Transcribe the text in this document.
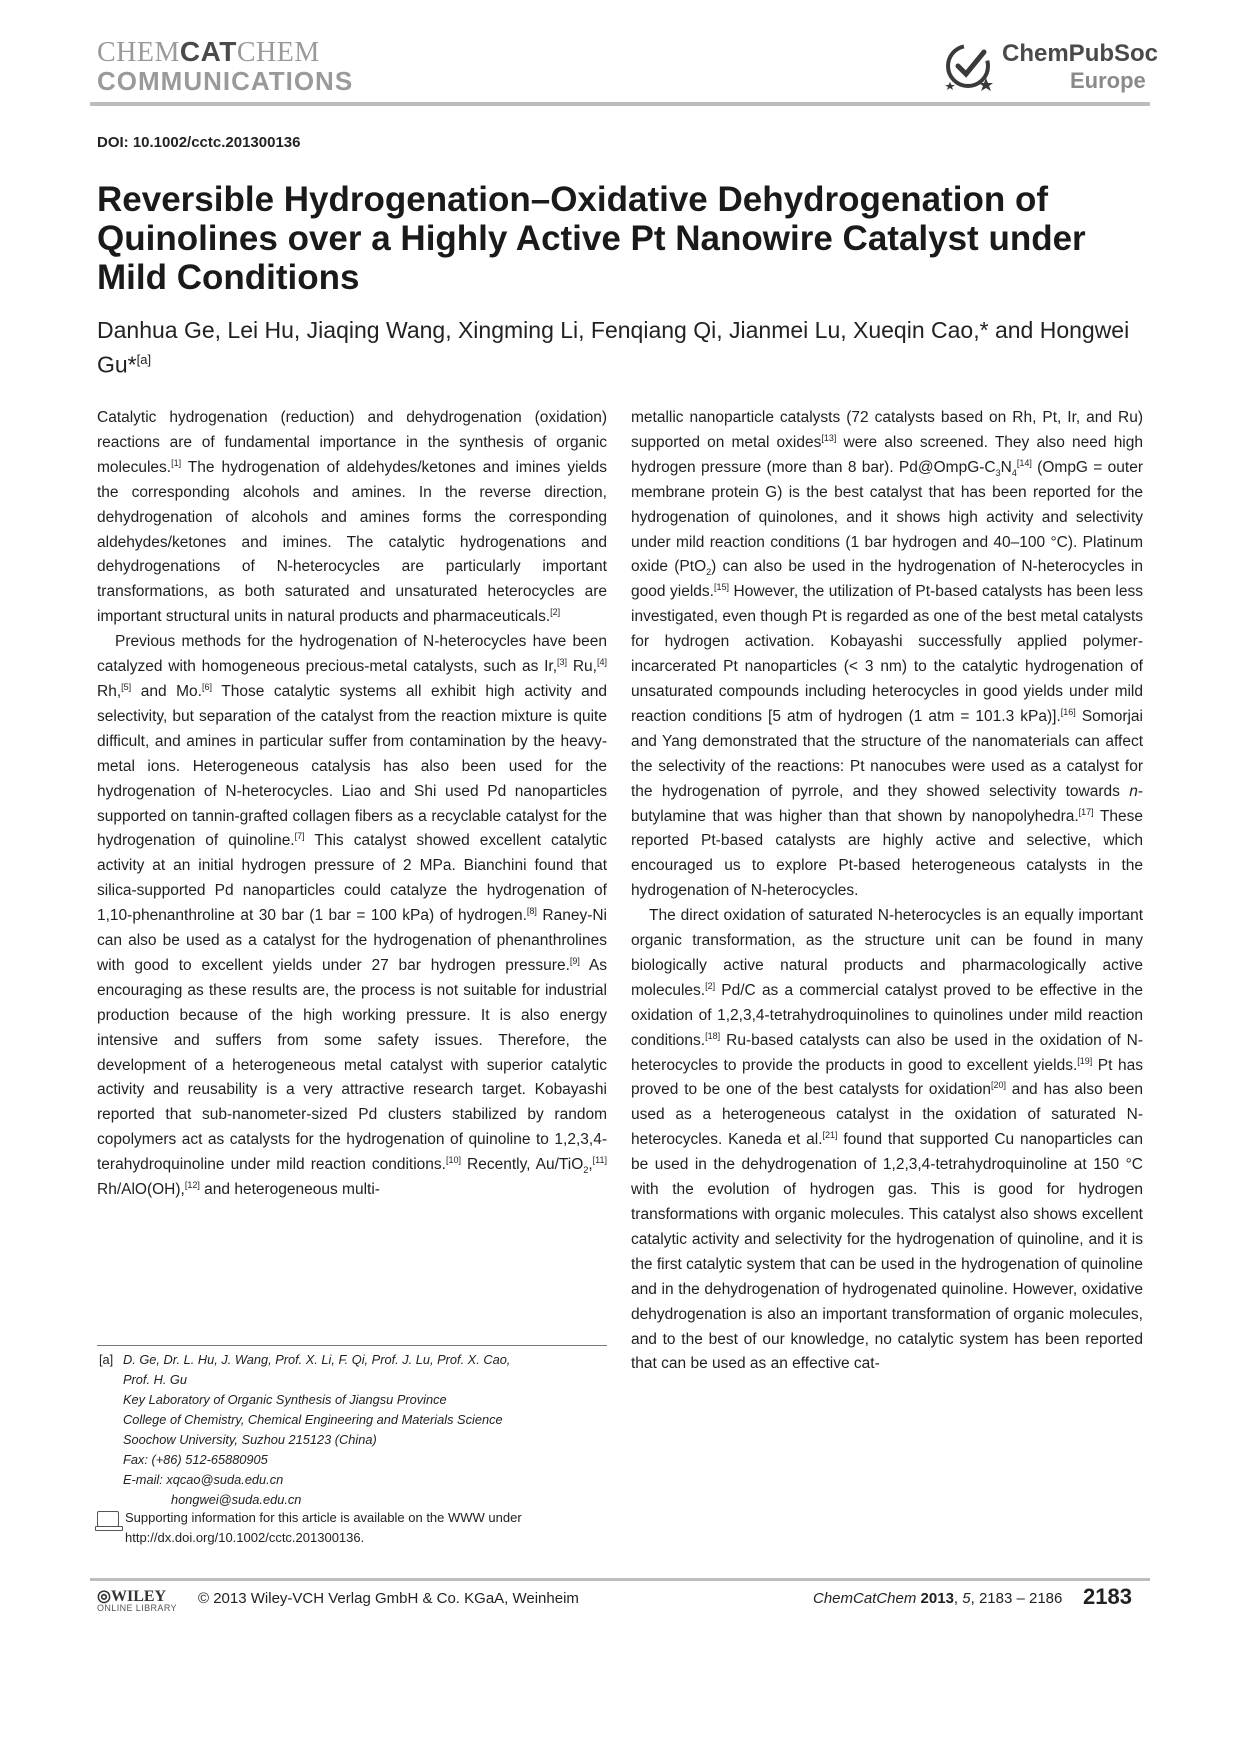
CHEMCATCHEM
COMMUNICATIONS
ChemPubSoc
Europe
DOI: 10.1002/cctc.201300136
Reversible Hydrogenation–Oxidative Dehydrogenation of Quinolines over a Highly Active Pt Nanowire Catalyst under Mild Conditions
Danhua Ge, Lei Hu, Jiaqing Wang, Xingming Li, Fenqiang Qi, Jianmei Lu, Xueqin Cao,* and Hongwei Gu*[a]

Catalytic hydrogenation (reduction) and dehydrogenation (oxidation) reactions are of fundamental importance in the synthesis of organic molecules.[1] The hydrogenation of aldehydes/ketones and imines yields the corresponding alcohols and amines. In the reverse direction, dehydrogenation of alcohols and amines forms the corresponding aldehydes/ketones and imines. The catalytic hydrogenations and dehydrogenations of N-heterocycles are particularly important transformations, as both saturated and unsaturated heterocycles are important structural units in natural products and pharmaceuticals.[2]

Previous methods for the hydrogenation of N-heterocycles have been catalyzed with homogeneous precious-metal catalysts, such as Ir,[3] Ru,[4] Rh,[5] and Mo.[6] Those catalytic systems all exhibit high activity and selectivity, but separation of the catalyst from the reaction mixture is quite difficult, and amines in particular suffer from contamination by the heavy-metal ions. Heterogeneous catalysis has also been used for the hydrogenation of N-heterocycles. Liao and Shi used Pd nanoparticles supported on tannin-grafted collagen fibers as a recyclable catalyst for the hydrogenation of quinoline.[7] This catalyst showed excellent catalytic activity at an initial hydrogen pressure of 2 MPa. Bianchini found that silica-supported Pd nanoparticles could catalyze the hydrogenation of 1,10-phenanthroline at 30 bar (1 bar = 100 kPa) of hydrogen.[8] Raney-Ni can also be used as a catalyst for the hydrogenation of phenanthrolines with good to excellent yields under 27 bar hydrogen pressure.[9] As encouraging as these results are, the process is not suitable for industrial production because of the high working pressure. It is also energy intensive and suffers from some safety issues. Therefore, the development of a heterogeneous metal catalyst with superior catalytic activity and reusability is a very attractive research target. Kobayashi reported that sub-nanometer-sized Pd clusters stabilized by random copolymers act as catalysts for the hydrogenation of quinoline to 1,2,3,4-terahydroquinoline under mild reaction conditions.[10] Recently, Au/TiO$_2$,[11] Rh/AlO(OH),[12] and heterogeneous multi-

metallic nanoparticle catalysts (72 catalysts based on Rh, Pt, Ir, and Ru) supported on metal oxides[13] were also screened. They also need high hydrogen pressure (more than 8 bar). $Pd@OmpG-C_3N_4[14]$ (OmpG = outer membrane protein G) is the best catalyst that has been reported for the hydrogenation of quinolones, and it shows high activity and selectivity under mild reaction conditions (1 bar hydrogen and 40–100 °C). Platinum oxide (PtO$_2$) can also be used in the hydrogenation of N-heterocycles in good yields.[15] However, the utilization of Pt-based catalysts has been less investigated, even though Pt is regarded as one of the best metal catalysts for hydrogen activation. Kobayashi successfully applied polymer-incarcerated Pt nanoparticles (< 3 nm) to the catalytic hydrogenation of unsaturated compounds including heterocycles in good yields under mild reaction conditions [5 atm of hydrogen (1 atm = 101.3 kPa)].[16] Somorjai and Yang demonstrated that the structure of the nanomaterials can affect the selectivity of the reactions: Pt nanocubes were used as a catalyst for the hydrogenation of pyrrole, and they showed selectivity towards n-butylamine that was higher than that shown by nanopolyhedra.[17] These reported Pt-based catalysts are highly active and selective, which encouraged us to explore Pt-based heterogeneous catalysts in the hydrogenation of N-heterocycles.

The direct oxidation of saturated N-heterocycles is an equally important organic transformation, as the structure unit can be found in many biologically active natural products and pharmacologically active molecules.[2] Pd/C as a commercial catalyst proved to be effective in the oxidation of 1,2,3,4-tetrahydroquinolines to quinolines under mild reaction conditions.[18] Ru-based catalysts can also be used in the oxidation of N-heterocycles to provide the products in good to excellent yields.[19] Pt has proved to be one of the best catalysts for oxidation[20] and has also been used as a heterogeneous catalyst in the oxidation of saturated N-heterocycles. Kaneda et al.[21] found that supported Cu nanoparticles can be used in the dehydrogenation of 1,2,3,4-tetrahydroquinoline at 150 °C with the evolution of hydrogen gas. This is good for hydrogen transformations with organic molecules. This catalyst also shows excellent catalytic activity and selectivity for the hydrogenation of quinoline, and it is the first catalytic system that can be used in the hydrogenation of quinoline and in the dehydrogenation of hydrogenated quinoline. However, oxidative dehydrogenation is also an important transformation of organic molecules, and to the best of our knowledge, no catalytic system has been reported that can be used as an effective cat-

[a] D. Ge, Dr. L. Hu, J. Wang, Prof. X. Li, F. Qi, Prof. J. Lu, Prof. X. Cao,
Prof. H. Gu
Key Laboratory of Organic Synthesis of Jiangsu Province
College of Chemistry, Chemical Engineering and Materials Science
Soochow University, Suzhou 215123 (China)
Fax: (+86) 512-65880905
E-mail: xqcao@suda.edu.cn
hongwei@suda.edu.cn
Supporting information for this article is available on the WWW under http://dx.doi.org/10.1002/cctc.201300136.
◎WILEY
ONLINE LIBRARY
© 2013 Wiley-VCH Verlag GmbH & Co. KGaA, Weinheim	ChemCatChem 2013, 5, 2183 – 2186 2183
